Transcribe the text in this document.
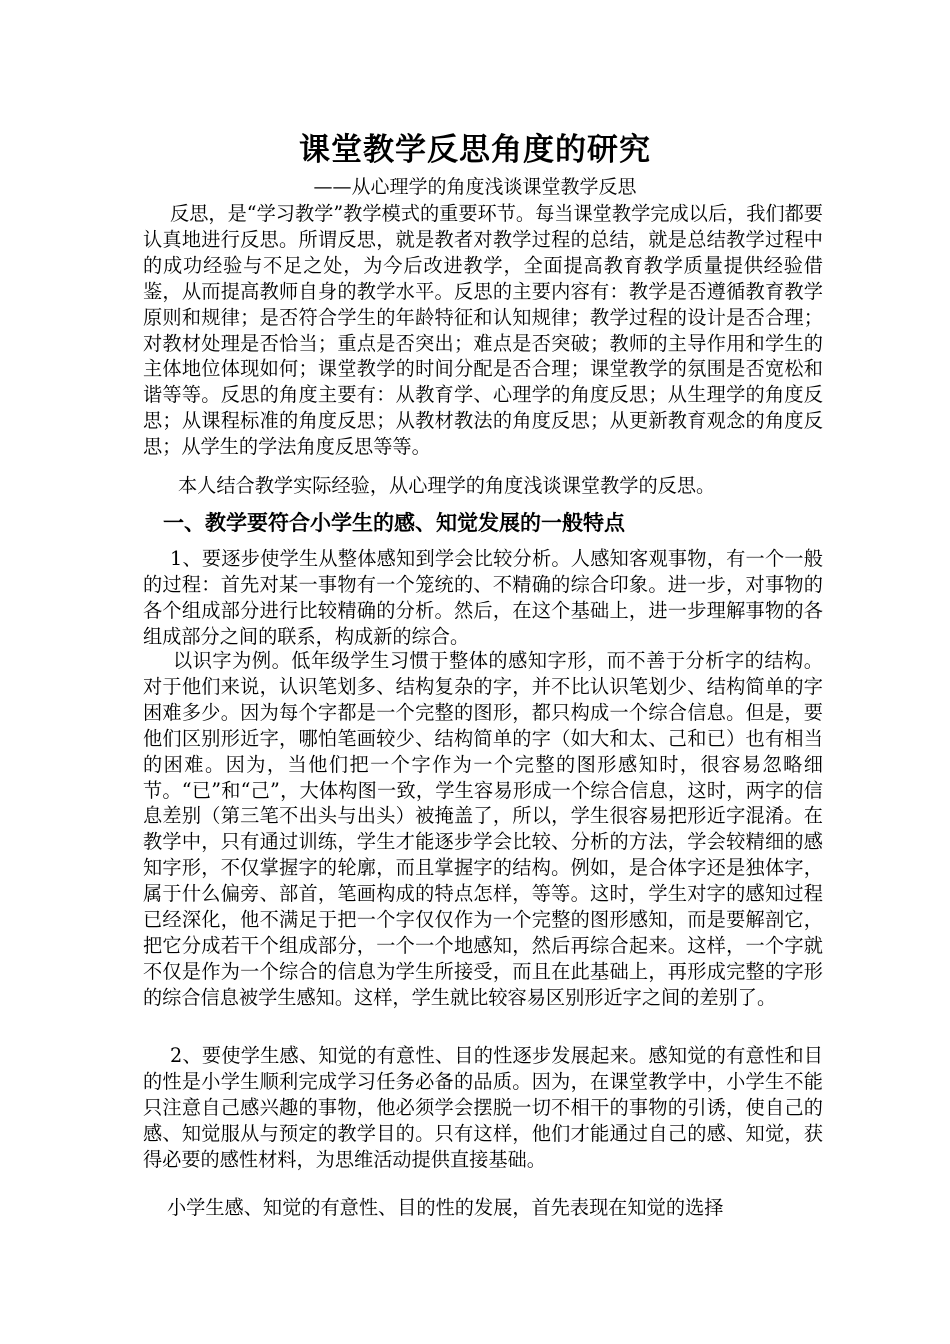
课堂教学反思角度的研究

——从心理学的角度浅谈课堂教学反思

反思，是“学习教学”教学模式的重要环节。每当课堂教学完成以后，我们都要认真地进行反思。所谓反思，就是教者对教学过程的总结，就是总结教学过程中的成功经验与不足之处，为今后改进教学，全面提高教育教学质量提供经验借鉴，从而提高教师自身的教学水平。反思的主要内容有：教学是否遵循教育教学原则和规律；是否符合学生的年龄特征和认知规律；教学过程的设计是否合理；对教材处理是否恰当；重点是否突出；难点是否突破；教师的主导作用和学生的主体地位体现如何；课堂教学的时间分配是否合理；课堂教学的氛围是否宽松和谐等等。反思的角度主要有：从教育学、心理学的角度反思；从生理学的角度反思；从课程标准的角度反思；从教材教法的角度反思；从更新教育观念的角度反思；从学生的学法角度反思等等。

本人结合教学实际经验，从心理学的角度浅谈课堂教学的反思。

一、教学要符合小学生的感、知觉发展的一般特点

1、要逐步使学生从整体感知到学会比较分析。人感知客观事物，有一个一般的过程：首先对某一事物有一个笼统的、不精确的综合印象。进一步，对事物的各个组成部分进行比较精确的分析。然后，在这个基础上，进一步理解事物的各组成部分之间的联系，构成新的综合。

以识字为例。低年级学生习惯于整体的感知字形，而不善于分析字的结构。对于他们来说，认识笔划多、结构复杂的字，并不比认识笔划少、结构简单的字困难多少。因为每个字都是一个完整的图形，都只构成一个综合信息。但是，要他们区别形近字，哪怕笔画较少、结构简单的字（如大和太、己和已）也有相当的困难。因为，当他们把一个字作为一个完整的图形感知时，很容易忽略细节。“已”和“己”，大体构图一致，学生容易形成一个综合信息，这时，两字的信息差别（第三笔不出头与出头）被掩盖了，所以，学生很容易把形近字混淆。在教学中，只有通过训练，学生才能逐步学会比较、分析的方法，学会较精细的感知字形，不仅掌握字的轮廓，而且掌握字的结构。例如，是合体字还是独体字，属于什么偏旁、部首，笔画构成的特点怎样，等等。这时，学生对字的感知过程已经深化，他不满足于把一个字仅仅作为一个完整的图形感知，而是要解剖它，把它分成若干个组成部分，一个一个地感知，然后再综合起来。这样，一个字就不仅是作为一个综合的信息为学生所接受，而且在此基础上，再形成完整的字形的综合信息被学生感知。这样，学生就比较容易区别形近字之间的差别了。

2、要使学生感、知觉的有意性、目的性逐步发展起来。感知觉的有意性和目的性是小学生顺利完成学习任务必备的品质。因为，在课堂教学中，小学生不能只注意自己感兴趣的事物，他必须学会摆脱一切不相干的事物的引诱，使自己的感、知觉服从与预定的教学目的。只有这样，他们才能通过自己的感、知觉，获得必要的感性材料，为思维活动提供直接基础。

小学生感、知觉的有意性、目的性的发展，首先表现在知觉的选择
